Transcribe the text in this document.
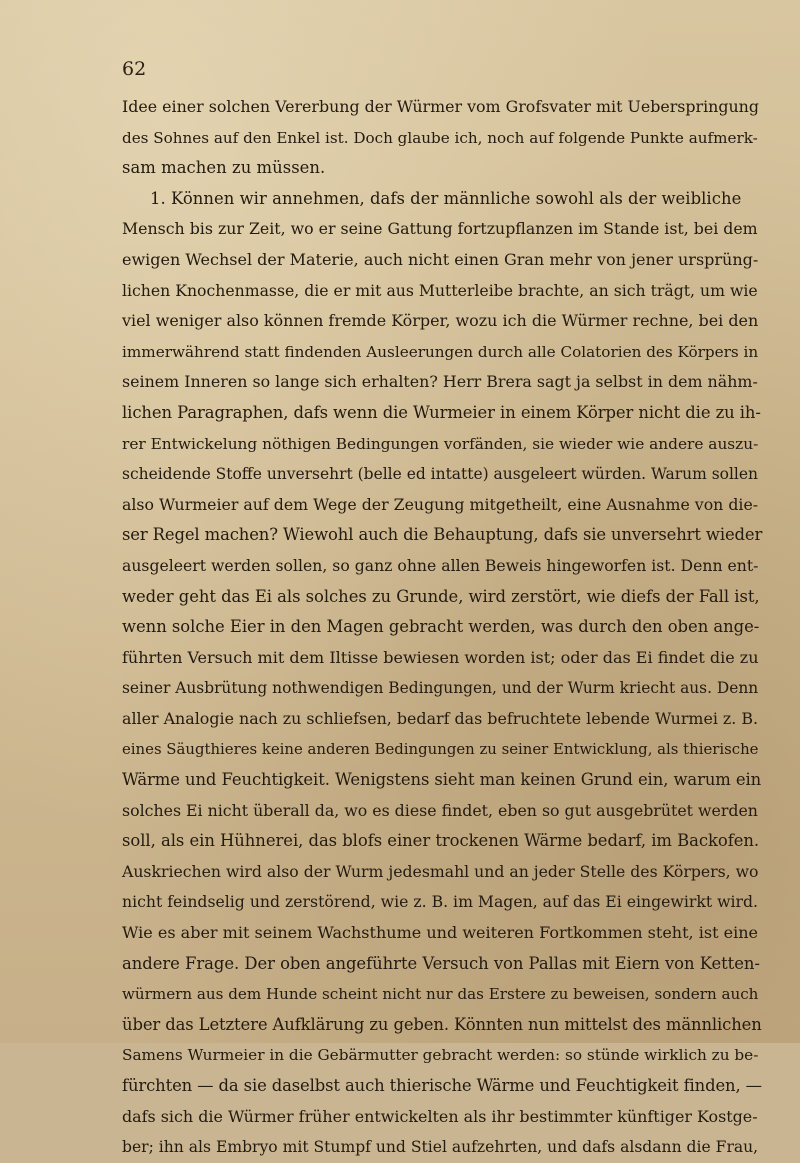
62

Idee einer solchen Vererbung der Würmer vom Grofsvater mit Ueberspringung
des Sohnes auf den Enkel ist. Doch glaube ich, noch auf folgende Punkte aufmerk-
sam machen zu müssen.
1. Können wir annehmen, dafs der männliche sowohl als der weibliche
Mensch bis zur Zeit, wo er seine Gattung fortzupflanzen im Stande ist, bei dem
ewigen Wechsel der Materie, auch nicht einen Gran mehr von jener ursprüng-
lichen Knochenmasse, die er mit aus Mutterleibe brachte, an sich trägt, um wie
viel weniger also können fremde Körper, wozu ich die Würmer rechne, bei den
immerwährend statt findenden Ausleerungen durch alle Colatorien des Körpers in
seinem Inneren so lange sich erhalten? Herr Brera sagt ja selbst in dem nähm-
lichen Paragraphen, dafs wenn die Wurmeier in einem Körper nicht die zu ih-
rer Entwickelung nöthigen Bedingungen vorfänden, sie wieder wie andere auszu-
scheidende Stoffe unversehrt (belle ed intatte) ausgeleert würden. Warum sollen
also Wurmeier auf dem Wege der Zeugung mitgetheilt, eine Ausnahme von die-
ser Regel machen? Wiewohl auch die Behauptung, dafs sie unversehrt wieder
ausgeleert werden sollen, so ganz ohne allen Beweis hingeworfen ist. Denn ent-
weder geht das Ei als solches zu Grunde, wird zerstört, wie diefs der Fall ist,
wenn solche Eier in den Magen gebracht werden, was durch den oben ange-
führten Versuch mit dem Iltisse bewiesen worden ist; oder das Ei findet die zu
seiner Ausbrütung nothwendigen Bedingungen, und der Wurm kriecht aus. Denn
aller Analogie nach zu schliefsen, bedarf das befruchtete lebende Wurmei z. B.
eines Säugthieres keine anderen Bedingungen zu seiner Entwicklung, als thierische
Wärme und Feuchtigkeit. Wenigstens sieht man keinen Grund ein, warum ein
solches Ei nicht überall da, wo es diese findet, eben so gut ausgebrütet werden
soll, als ein Hühnerei, das blofs einer trockenen Wärme bedarf, im Backofen.
Auskriechen wird also der Wurm jedesmahl und an jeder Stelle des Körpers, wo
nicht feindselig und zerstörend, wie z. B. im Magen, auf das Ei eingewirkt wird.
Wie es aber mit seinem Wachsthume und weiteren Fortkommen steht, ist eine
andere Frage. Der oben angeführte Versuch von Pallas mit Eiern von Ketten-
würmern aus dem Hunde scheint nicht nur das Erstere zu beweisen, sondern auch
über das Letztere Aufklärung zu geben. Könnten nun mittelst des männlichen
Samens Wurmeier in die Gebärmutter gebracht werden: so stünde wirklich zu be-
fürchten — da sie daselbst auch thierische Wärme und Feuchtigkeit finden, —
dafs sich die Würmer früher entwickelten als ihr bestimmter künftiger Kostge-
ber; ihn als Embryo mit Stumpf und Stiel aufzehrten, und dafs alsdann die Frau,
